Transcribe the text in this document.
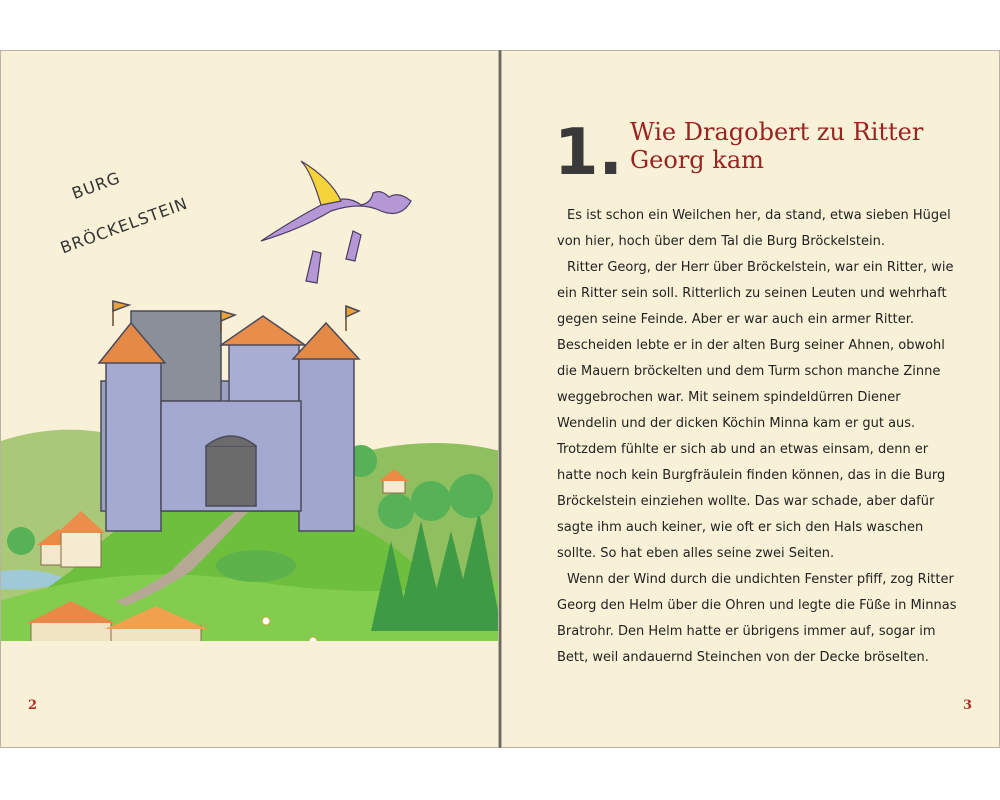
BURG
BRÖCKELSTEIN
2
1. Wie Dragobert zu Ritter Georg kam

Es ist schon ein Weilchen her, da stand, etwa sieben Hügel von hier, hoch über dem Tal die Burg Bröckelstein.

Ritter Georg, der Herr über Bröckelstein, war ein Ritter, wie ein Ritter sein soll. Ritterlich zu seinen Leuten und wehrhaft gegen seine Feinde. Aber er war auch ein armer Ritter. Bescheiden lebte er in der alten Burg seiner Ahnen, obwohl die Mauern bröckelten und dem Turm schon manche Zinne weggebrochen war. Mit seinem spindeldürren Diener Wendelin und der dicken Köchin Minna kam er gut aus. Trotzdem fühlte er sich ab und an etwas einsam, denn er hatte noch kein Burgfräulein finden können, das in die Burg Bröckelstein einziehen wollte. Das war schade, aber dafür sagte ihm auch keiner, wie oft er sich den Hals waschen sollte. So hat eben alles seine zwei Seiten.

Wenn der Wind durch die undichten Fenster pfiff, zog Ritter Georg den Helm über die Ohren und legte die Füße in Minnas Bratrohr. Den Helm hatte er übrigens immer auf, sogar im Bett, weil andauernd Steinchen von der Decke bröselten.

3
